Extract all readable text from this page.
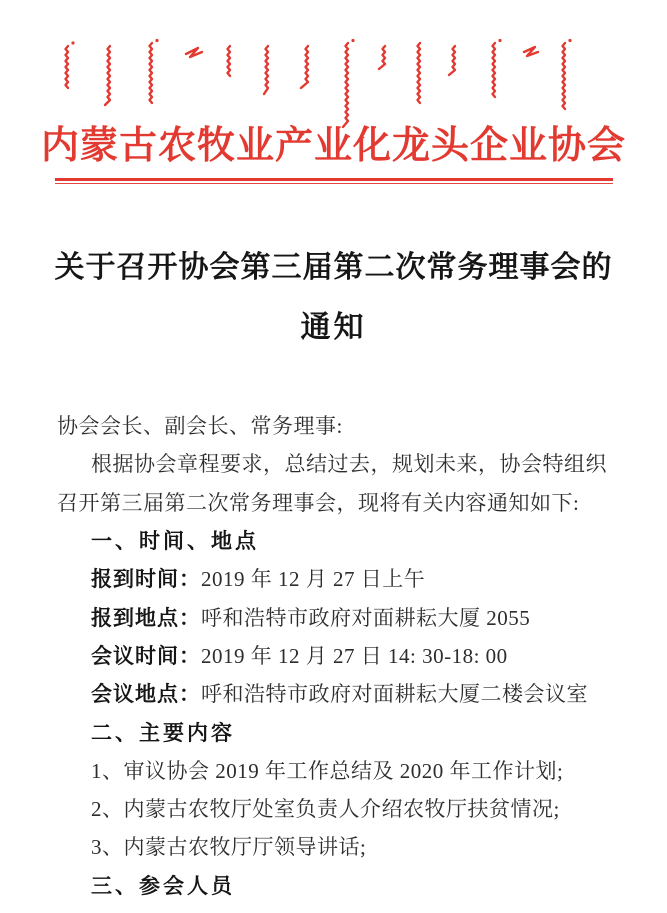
内蒙古农牧业产业化龙头企业协会
关于召开协会第三届第二次常务理事会的
通知
协会会长、副会长、常务理事:
根据协会章程要求，总结过去，规划未来，协会特组织
召开第三届第二次常务理事会，现将有关内容通知如下:
一、时间、地点
报到时间： 2019 年 12 月 27 日上午
报到地点： 呼和浩特市政府对面耕耘大厦 2055
会议时间： 2019 年 12 月 27 日 14: 30-18: 00
会议地点： 呼和浩特市政府对面耕耘大厦二楼会议室
二、主要内容
1、审议协会 2019 年工作总结及 2020 年工作计划;
2、内蒙古农牧厅处室负责人介绍农牧厅扶贫情况;
3、内蒙古农牧厅厅领导讲话;
三、参会人员
